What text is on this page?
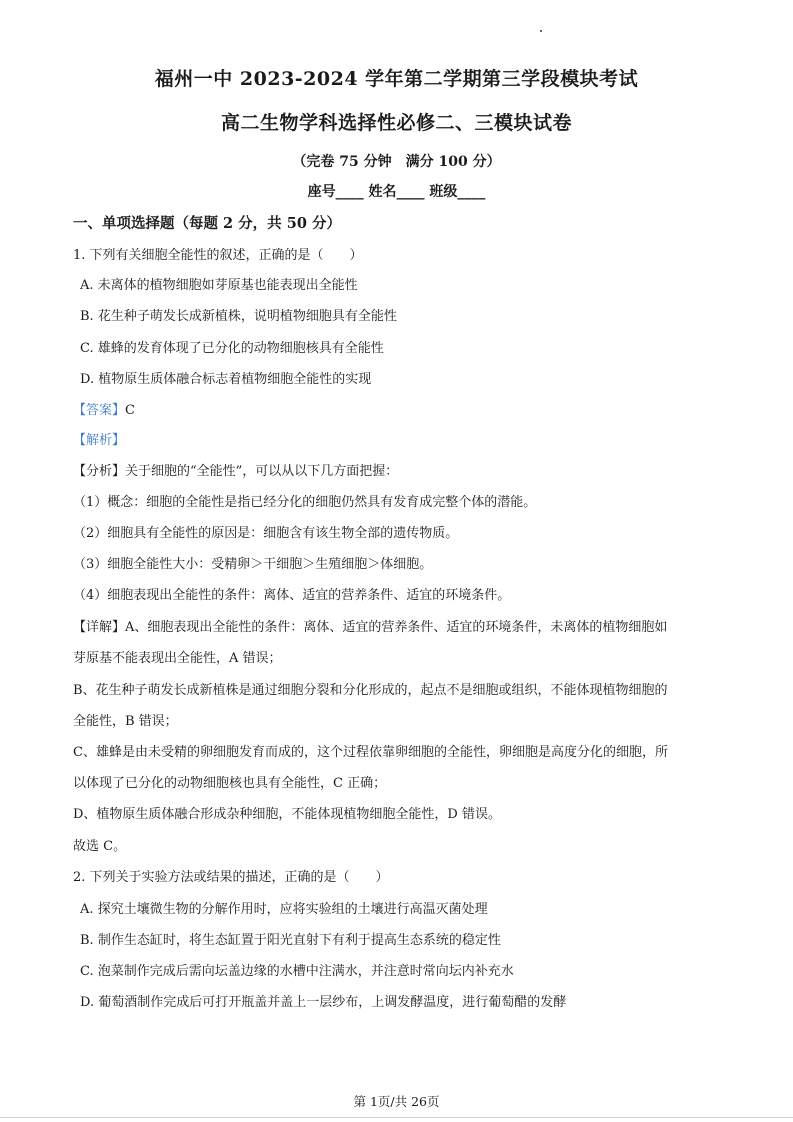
福州一中 2023-2024 学年第二学期第三学段模块考试
高二生物学科选择性必修二、三模块试卷
（完卷 75 分钟　满分 100 分）
座号____ 姓名____ 班级____
一、单项选择题（每题 2 分，共 50 分）
1. 下列有关细胞全能性的叙述，正确的是（　　）
A. 未离体的植物细胞如芽原基也能表现出全能性
B. 花生种子萌发长成新植株，说明植物细胞具有全能性
C. 雄蜂的发育体现了已分化的动物细胞核具有全能性
D. 植物原生质体融合标志着植物细胞全能性的实现
【答案】C
【解析】
【分析】关于细胞的“全能性”，可以从以下几方面把握：
（1）概念：细胞的全能性是指已经分化的细胞仍然具有发育成完整个体的潜能。
（2）细胞具有全能性的原因是：细胞含有该生物全部的遗传物质。
（3）细胞全能性大小：受精卵＞干细胞＞生殖细胞＞体细胞。
（4）细胞表现出全能性的条件：离体、适宜的营养条件、适宜的环境条件。
【详解】A、细胞表现出全能性的条件：离体、适宜的营养条件、适宜的环境条件，未离体的植物细胞如
芽原基不能表现出全能性，A 错误；
B、花生种子萌发长成新植株是通过细胞分裂和分化形成的，起点不是细胞或组织，不能体现植物细胞的
全能性，B 错误；
C、雄蜂是由未受精的卵细胞发育而成的，这个过程依靠卵细胞的全能性，卵细胞是高度分化的细胞，所
以体现了已分化的动物细胞核也具有全能性，C 正确；
D、植物原生质体融合形成杂种细胞，不能体现植物细胞全能性，D 错误。
故选 C。
2. 下列关于实验方法或结果的描述，正确的是（　　）
A. 探究土壤微生物的分解作用时，应将实验组的土壤进行高温灭菌处理
B. 制作生态缸时，将生态缸置于阳光直射下有利于提高生态系统的稳定性
C. 泡菜制作完成后需向坛盖边缘的水槽中注满水，并注意时常向坛内补充水
D. 葡萄酒制作完成后可打开瓶盖并盖上一层纱布，上调发酵温度，进行葡萄醋的发酵
第 1页/共 26页
